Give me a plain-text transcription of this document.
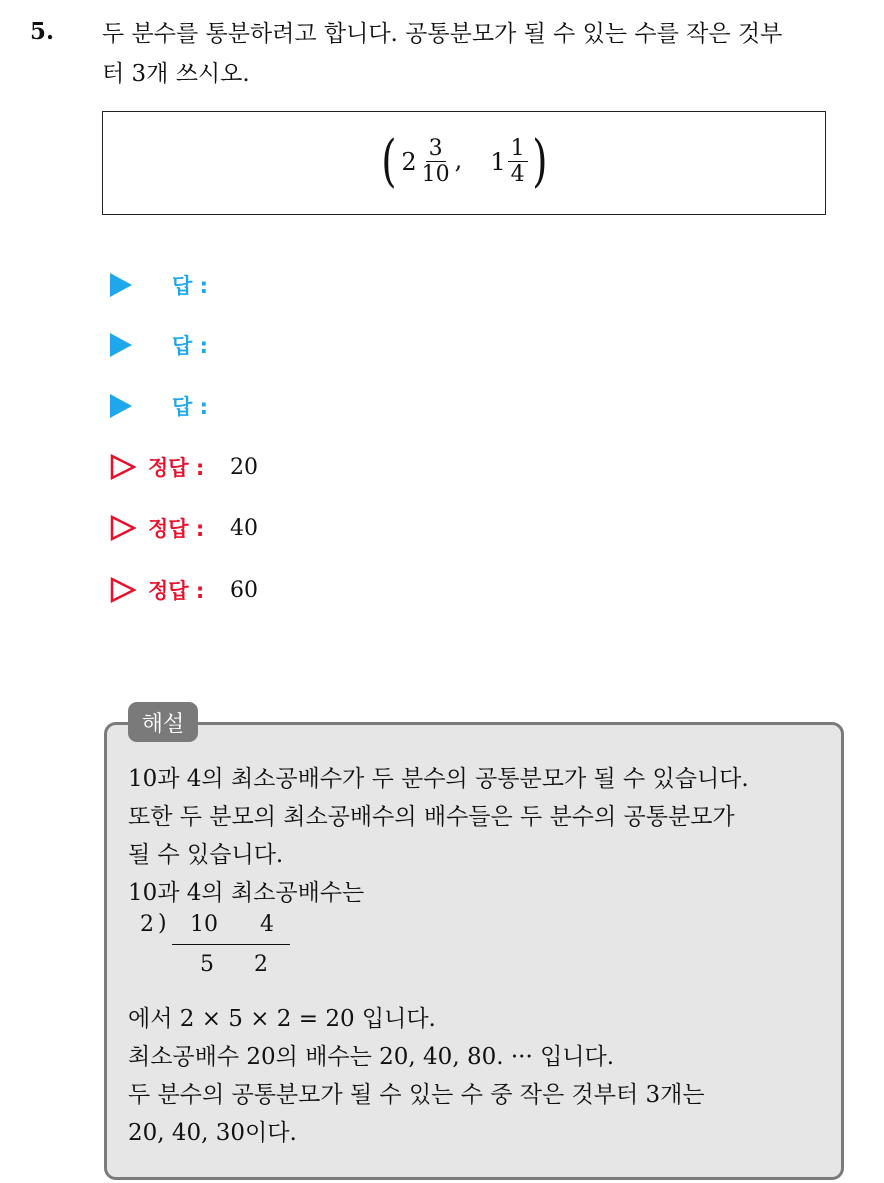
5. 두 분수를 통분하려고 합니다. 공통분모가 될 수 있는 수를 작은 것부
터 3개 쓰시오.
( $2 \frac{3}{10}$ , $1 \frac{1}{4}$ )
답 :
답 :
답 :
정답 :	20
정답 :	40
정답 :	60
해설
10과 4의 최소공배수가 두 분수의 공통분모가 될 수 있습니다.
또한 두 분모의 최소공배수의 배수들은 두 분수의 공통분모가
될 수 있습니다.
10과 4의 최소공배수는
2 ) 10 4
5 2
에서 2 × 5 × 2 = 20 입니다.
최소공배수 20의 배수는 20, 40, 80. ··· 입니다.
두 분수의 공통분모가 될 수 있는 수 중 작은 것부터 3개는
20, 40, 30이다.
